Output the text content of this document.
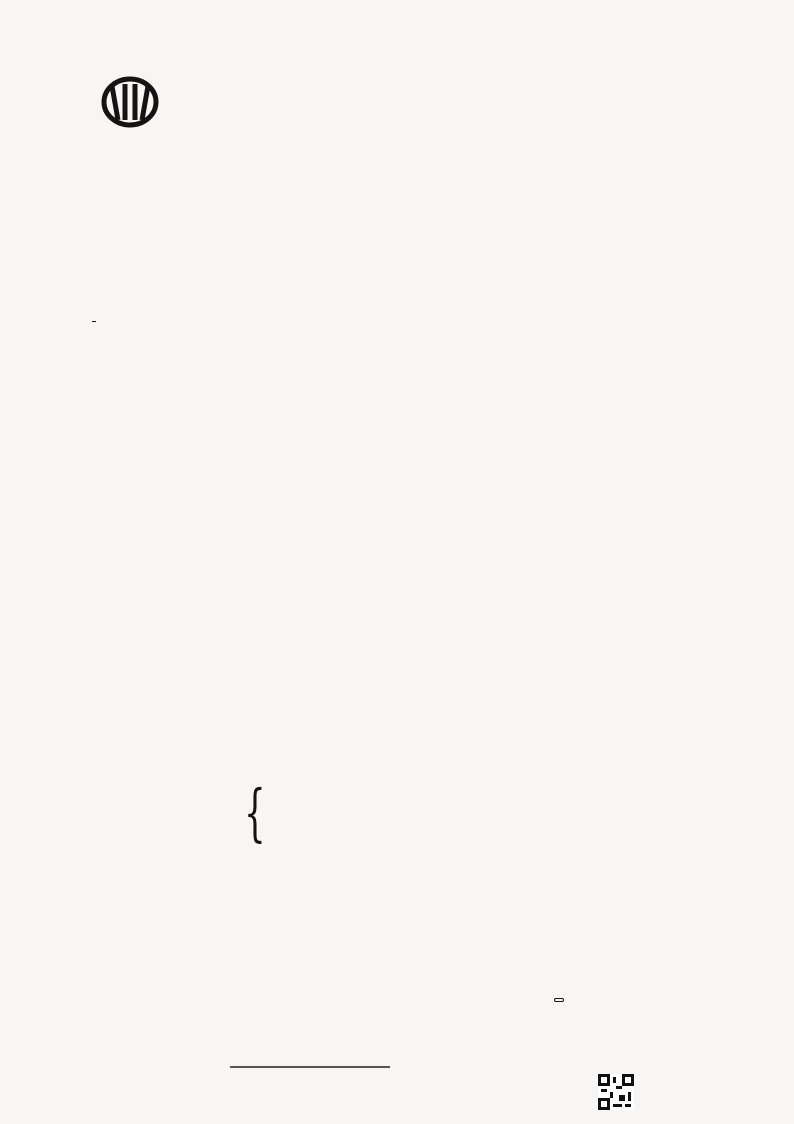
{
